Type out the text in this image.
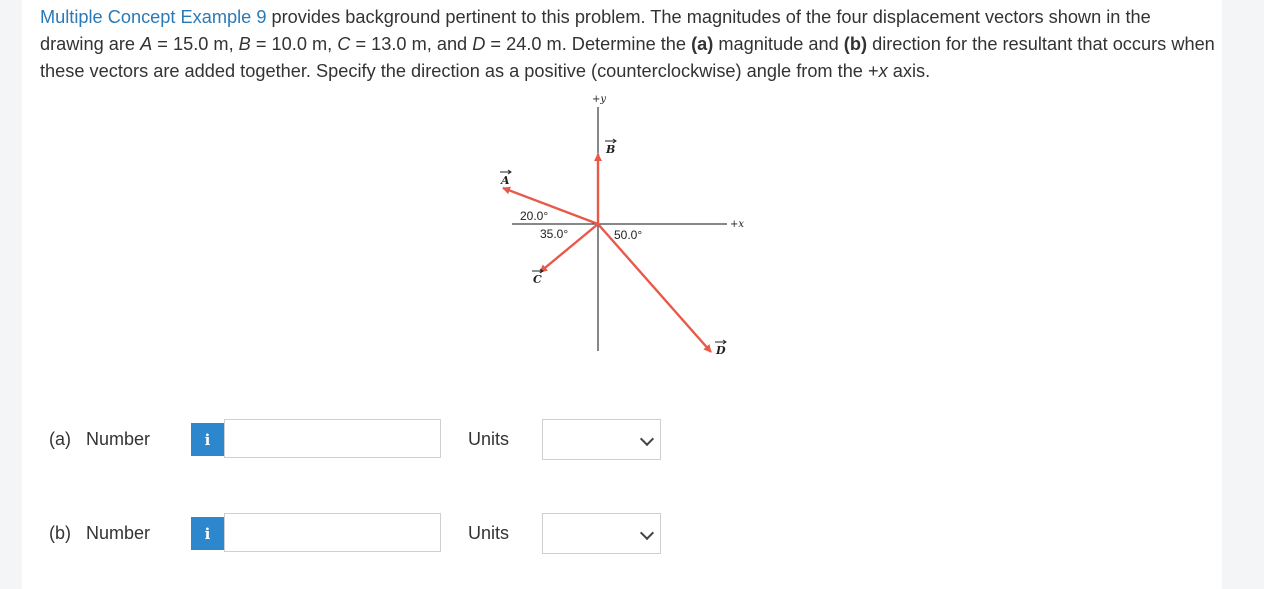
Multiple Concept Example 9 provides background pertinent to this problem. The magnitudes of the four displacement vectors shown in the drawing are A = 15.0 m, B = 10.0 m, C = 13.0 m, and D = 24.0 m. Determine the (a) magnitude and (b) direction for the resultant that occurs when these vectors are added together. Specify the direction as a positive (counterclockwise) angle from the +x axis.
+y
+x
A
B
C
D
20.0°
35.0°	50.0°
(a)   Number	i	Units
(b)   Number	i	Units
